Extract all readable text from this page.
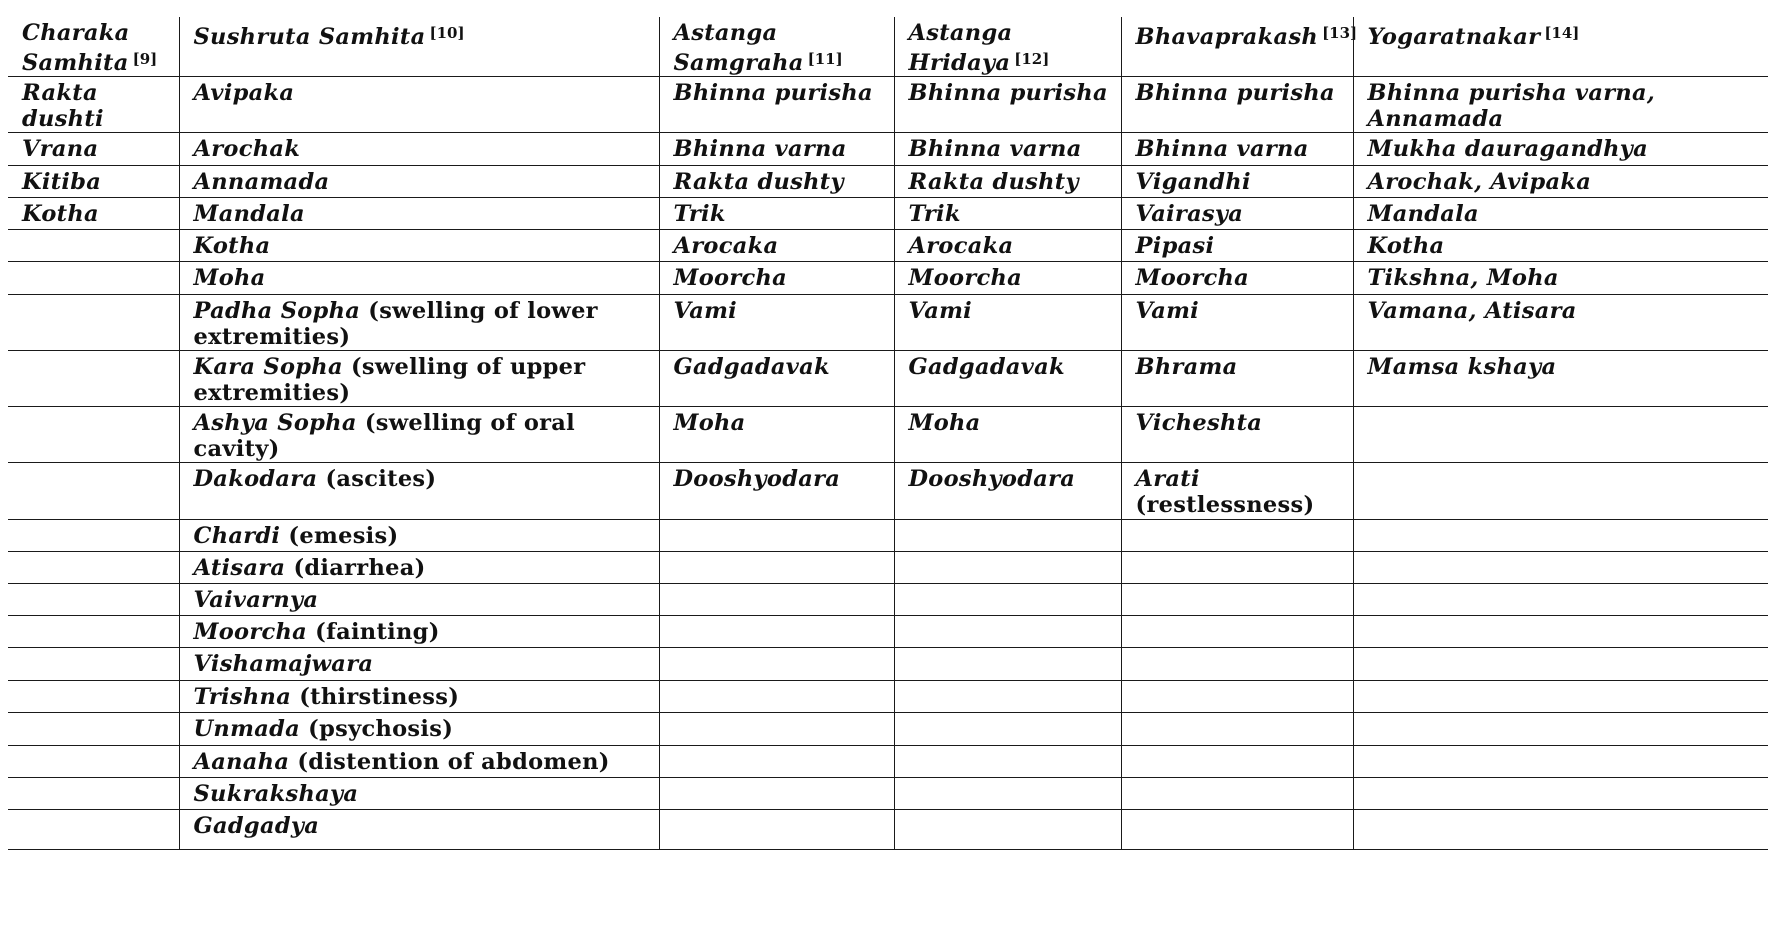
Charaka Samhita [9]	Sushruta Samhita [10]	Astanga Samgraha [11]	Astanga Hridaya [12]	Bhavaprakash [13]	Yogaratnakar [14]
Rakta dushti	Avipaka	Bhinna purisha	Bhinna purisha	Bhinna purisha	Bhinna purisha varna, Annamada
Vrana	Arochak	Bhinna varna	Bhinna varna	Bhinna varna	Mukha dauragandhya
Kitiba	Annamada	Rakta dushty	Rakta dushty	Vigandhi	Arochak, Avipaka
Kotha	Mandala	Trik	Trik	Vairasya	Mandala
	Kotha	Arocaka	Arocaka	Pipasi	Kotha
	Moha	Moorcha	Moorcha	Moorcha	Tikshna, Moha
	Padha Sopha (swelling of lower extremities)	Vami	Vami	Vami	Vamana, Atisara
	Kara Sopha (swelling of upper extremities)	Gadgadavak	Gadgadavak	Bhrama	Mamsa kshaya
	Ashya Sopha (swelling of oral cavity)	Moha	Moha	Vicheshta	
	Dakodara (ascites)	Dooshyodara	Dooshyodara	Arati (restlessness)	
	Chardi (emesis)				
	Atisara (diarrhea)				
	Vaivarnya				
	Moorcha (fainting)				
	Vishamajwara				
	Trishna (thirstiness)				
	Unmada (psychosis)				
	Aanaha (distention of abdomen)				
	Sukrakshaya				
	Gadgadya				
